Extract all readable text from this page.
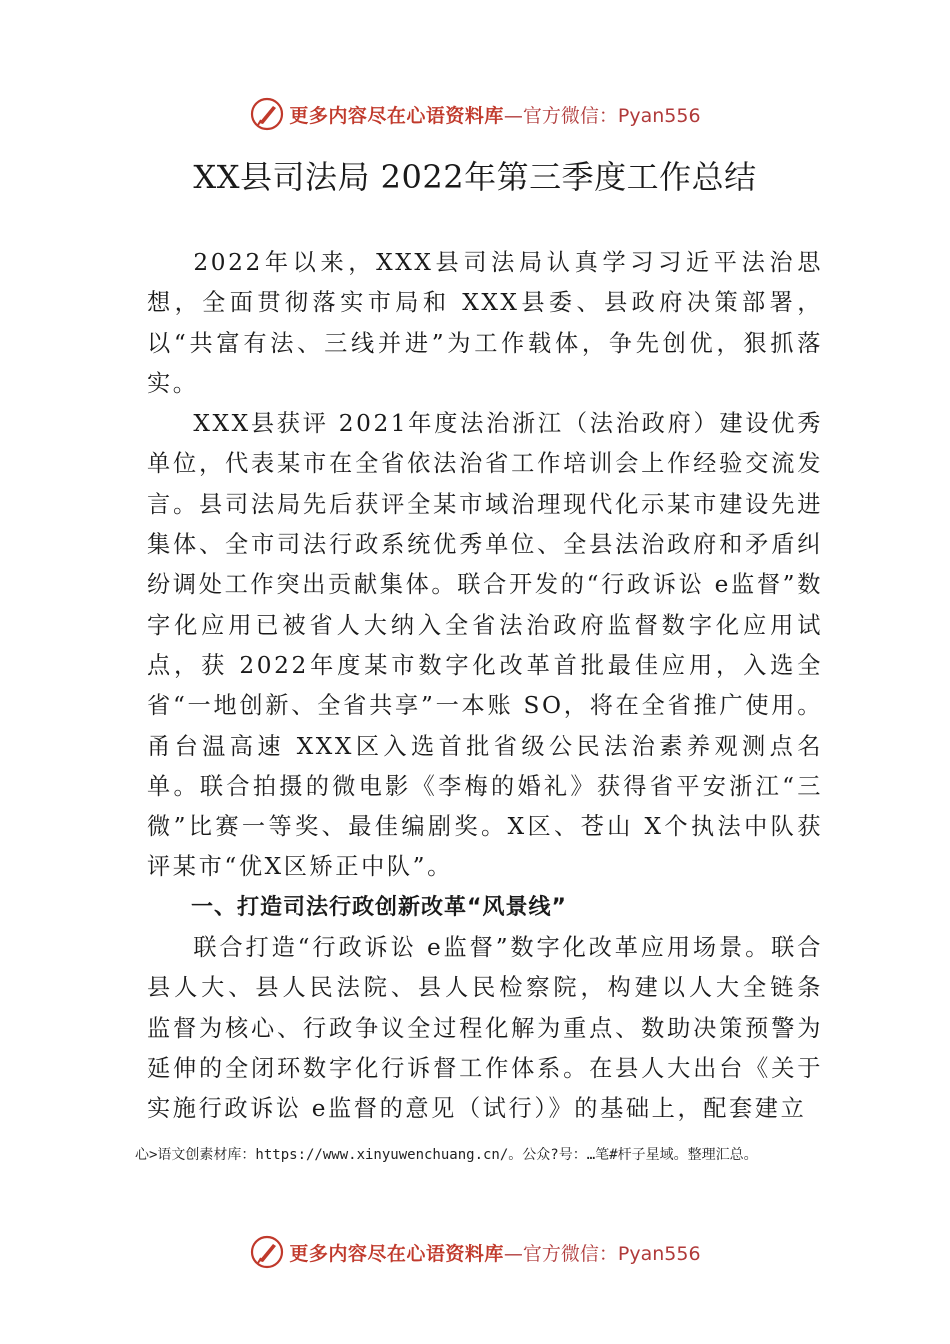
更多内容尽在心语资料库 —官方微信：Pyan556
XX县司法局 2022年第三季度工作总结

2022年以来，XXX县司法局认真学习习近平法治思想，全面贯彻落实市局和 XXX县委、县政府决策部署，以“共富有法、三线并进”为工作载体，争先创优，狠抓落实。

XXX县获评 2021年度法治浙江（法治政府）建设优秀单位，代表某市在全省依法治省工作培训会上作经验交流发言。县司法局先后获评全某市域治理现代化示某市建设先进集体、全市司法行政系统优秀单位、全县法治政府和矛盾纠纷调处工作突出贡献集体。联合开发的“行政诉讼 e监督”数字化应用已被省人大纳入全省法治政府监督数字化应用试点，获 2022年度某市数字化改革首批最佳应用，入选全省“一地创新、全省共享”一本账 SO，将在全省推广使用。甬台温高速 XXX区入选首批省级公民法治素养观测点名单。联合拍摄的微电影《李梅的婚礼》获得省平安浙江“三微”比赛一等奖、最佳编剧奖。X区、苍山 X个执法中队获评某市“优X区矫正中队”。

一、打造司法行政创新改革“风景线”

联合打造“行政诉讼 e监督”数字化改革应用场景。联合县人大、县人民法院、县人民检察院，构建以人大全链条 监督为核心、行政争议全过程化解为重点、数助决策预警为延伸的全闭环数字化行诉督工作体系。在县人大出台《关于实施行政诉讼 e监督的意见（试行）》的基础上，配套建立

心>语文创素材库：https://www.xinyuwenchuang.cn/。公众?号：…笔#杆子星域。整理汇总。
更多内容尽在心语资料库 —官方微信：Pyan556
